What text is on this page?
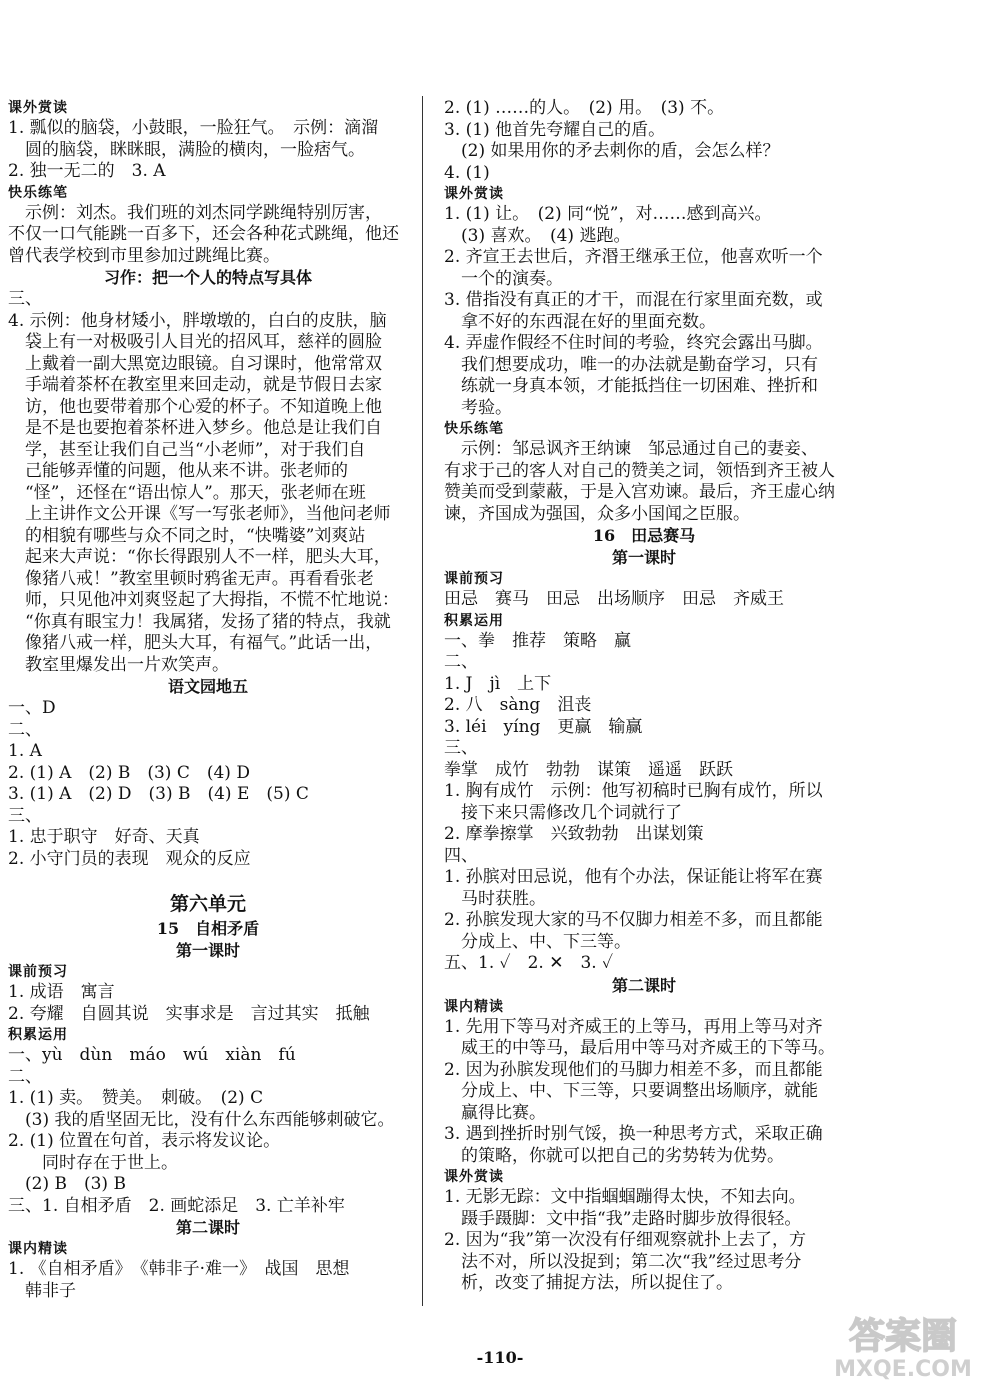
课外赏读
1. 瓢似的脑袋，小鼓眼，一脸狂气。　示例：滴溜
　圆的脑袋，眯眯眼，满脸的横肉，一脸痞气。
2. 独一无二的　3. A
快乐练笔
　示例：刘杰。我们班的刘杰同学跳绳特别厉害，
不仅一口气能跳一百多下，还会各种花式跳绳，他还
曾代表学校到市里参加过跳绳比赛。
习作：把一个人的特点写具体
三、
4. 示例：他身材矮小，胖墩墩的，白白的皮肤，脑
　袋上有一对极吸引人目光的招风耳，慈祥的圆脸
　上戴着一副大黑宽边眼镜。自习课时，他常常双
　手端着茶杯在教室里来回走动，就是节假日去家
　访，他也要带着那个心爱的杯子。不知道晚上他
　是不是也要抱着茶杯进入梦乡。他总是让我们自
　学，甚至让我们自己当“小老师”，对于我们自
　己能够弄懂的问题，他从来不讲。张老师的
　“怪”，还怪在“语出惊人”。那天，张老师在班
　上主讲作文公开课《写一写张老师》，当他问老师
　的相貌有哪些与众不同之时，“快嘴婆”刘爽站
　起来大声说：“你长得跟别人不一样，肥头大耳，
　像猪八戒！”教室里顿时鸦雀无声。再看看张老
　师，只见他冲刘爽竖起了大拇指，不慌不忙地说：
　“你真有眼宝力！我属猪，发扬了猪的特点，我就
　像猪八戒一样，肥头大耳，有福气。”此话一出，
　教室里爆发出一片欢笑声。
语文园地五
一、D
二、
1. A
2. (1) A　(2) B　(3) C　(4) D
3. (1) A　(2) D　(3) B　(4) E　(5) C
三、
1. 忠于职守　好奇、天真
2. 小守门员的表现　观众的反应
第六单元
15　自相矛盾
第一课时
课前预习
1. 成语　寓言
2. 夸耀　自圆其说　实事求是　言过其实　抵触
积累运用
一、yù　dùn　máo　wú　xiàn　fú
二、
1. (1) 卖。　赞美。　刺破。　(2) C
　(3) 我的盾坚固无比，没有什么东西能够刺破它。
2. (1) 位置在句首，表示将发议论。
　　同时存在于世上。
　(2) B　(3) B
三、1. 自相矛盾　2. 画蛇添足　3. 亡羊补牢
第二课时
课内精读
1. 《自相矛盾》　《韩非子·难一》　战国　思想
　韩非子
2. (1) ……的人。　(2) 用。　(3) 不。
3. (1) 他首先夸耀自己的盾。
　(2) 如果用你的矛去刺你的盾，会怎么样？
4. (1)
课外赏读
1. (1) 让。　(2) 同“悦”，对……感到高兴。
　(3) 喜欢。　(4) 逃跑。
2. 齐宣王去世后，齐湣王继承王位，他喜欢听一个
　一个的演奏。
3. 借指没有真正的才干，而混在行家里面充数，或
　拿不好的东西混在好的里面充数。
4. 弄虚作假经不住时间的考验，终究会露出马脚。
　我们想要成功，唯一的办法就是勤奋学习，只有
　练就一身真本领，才能抵挡住一切困难、挫折和
　考验。
快乐练笔
　示例：邹忌讽齐王纳谏　邹忌通过自己的妻妾、
有求于己的客人对自己的赞美之词，领悟到齐王被人
赞美而受到蒙蔽，于是入宫劝谏。最后，齐王虚心纳
谏，齐国成为强国，众多小国闻之臣服。
16　田忌赛马
第一课时
课前预习
田忌　赛马　田忌　出场顺序　田忌　齐威王
积累运用
一、拳　推荐　策略　赢
二、
1. J　jì　上下
2. 八　sàng　沮丧
3. léi　yíng　更赢　输赢
三、
拳掌　成竹　勃勃　谋策　遥遥　跃跃
1. 胸有成竹　示例：他写初稿时已胸有成竹，所以
　接下来只需修改几个词就行了
2. 摩拳擦掌　兴致勃勃　出谋划策
四、
1. 孙膑对田忌说，他有个办法，保证能让将军在赛
　马时获胜。
2. 孙膑发现大家的马不仅脚力相差不多，而且都能
　分成上、中、下三等。
五、1. ✓　2. ✕　3. ✓
第二课时
课内精读
1. 先用下等马对齐威王的上等马，再用上等马对齐
　威王的中等马，最后用中等马对齐威王的下等马。
2. 因为孙膑发现他们的马脚力相差不多，而且都能
　分成上、中、下三等，只要调整出场顺序，就能
　赢得比赛。
3. 遇到挫折时别气馁，换一种思考方式，采取正确
　的策略，你就可以把自己的劣势转为优势。
课外赏读
1. 无影无踪：文中指蝈蝈蹦得太快，不知去向。
　蹑手蹑脚：文中指“我”走路时脚步放得很轻。
2. 因为“我”第一次没有仔细观察就扑上去了，方
　法不对，所以没捉到；第二次“我”经过思考分
　析，改变了捕捉方法，所以捉住了。
-110-
答案圈
MXQE.COM
